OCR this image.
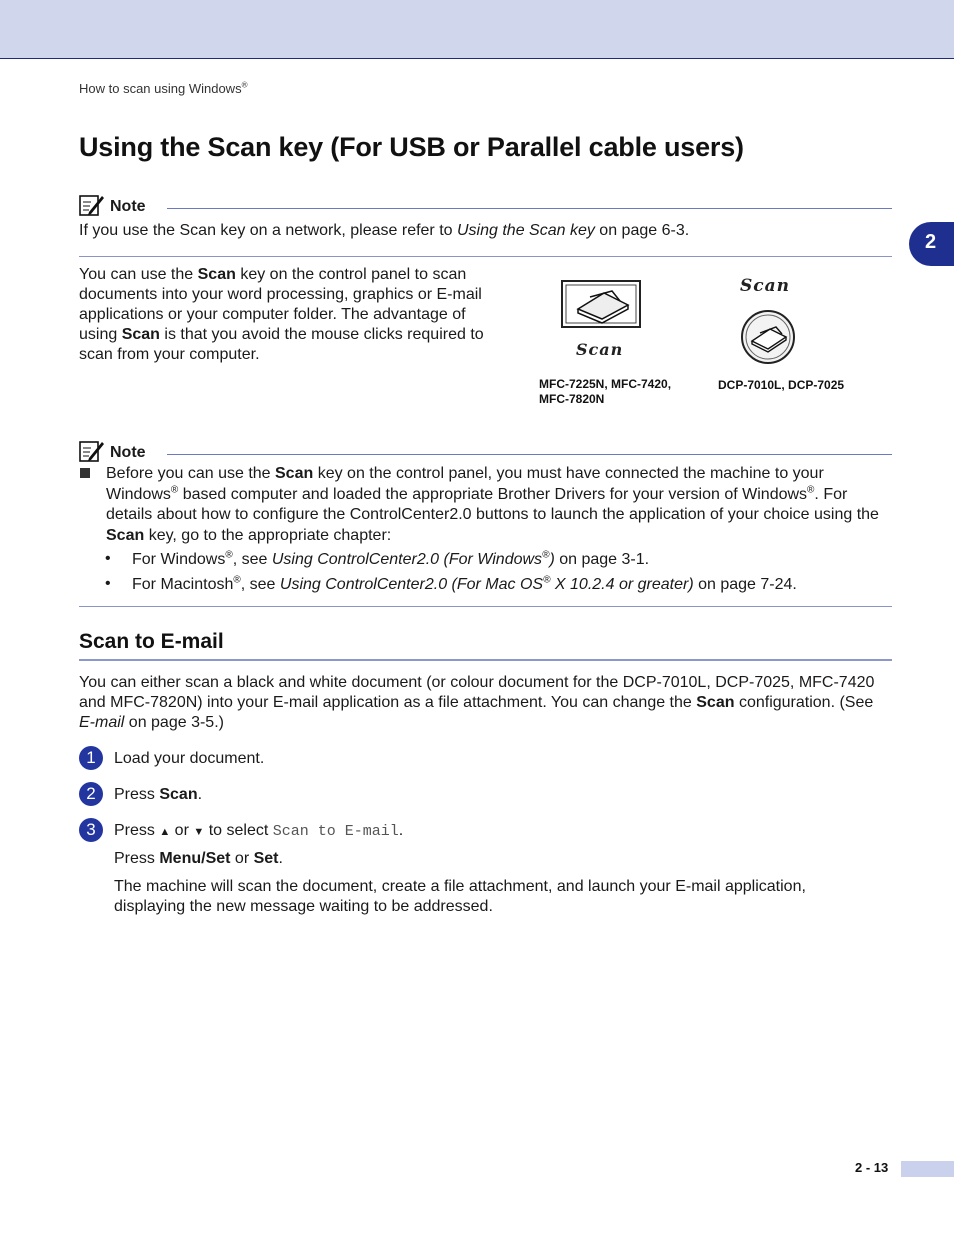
How to scan using Windows®
2
Using the Scan key (For USB or Parallel cable users)
Note
If you use the Scan key on a network, please refer to Using the Scan key on page 6-3.
You can use the Scan key on the control panel to scan documents into your word processing, graphics or E-mail applications or your computer folder. The advantage of using Scan is that you avoid the mouse clicks required to scan from your computer.	Scan
MFC-7225N, MFC-7420, MFC-7820N
Scan
DCP-7010L, DCP-7025
Note
Before you can use the Scan key on the control panel, you must have connected the machine to your Windows® based computer and loaded the appropriate Brother Drivers for your version of Windows®. For details about how to configure the ControlCenter2.0 buttons to launch the application of your choice using the Scan key, go to the appropriate chapter:
• For Windows®, see Using ControlCenter2.0 (For Windows®) on page 3-1.
• For Macintosh®, see Using ControlCenter2.0 (For Mac OS® X 10.2.4 or greater) on page 7-24.
Scan to E-mail
You can either scan a black and white document (or colour document for the DCP-7010L, DCP-7025, MFC-7420 and MFC-7820N) into your E-mail application as a file attachment. You can change the Scan configuration. (See E-mail on page 3-5.)
1	Load your document.
2	Press Scan.
3	Press ▲ or ▼ to select Scan to E-mail.
Press Menu/Set or Set.
The machine will scan the document, create a file attachment, and launch your E-mail application, displaying the new message waiting to be addressed.
2 - 13
